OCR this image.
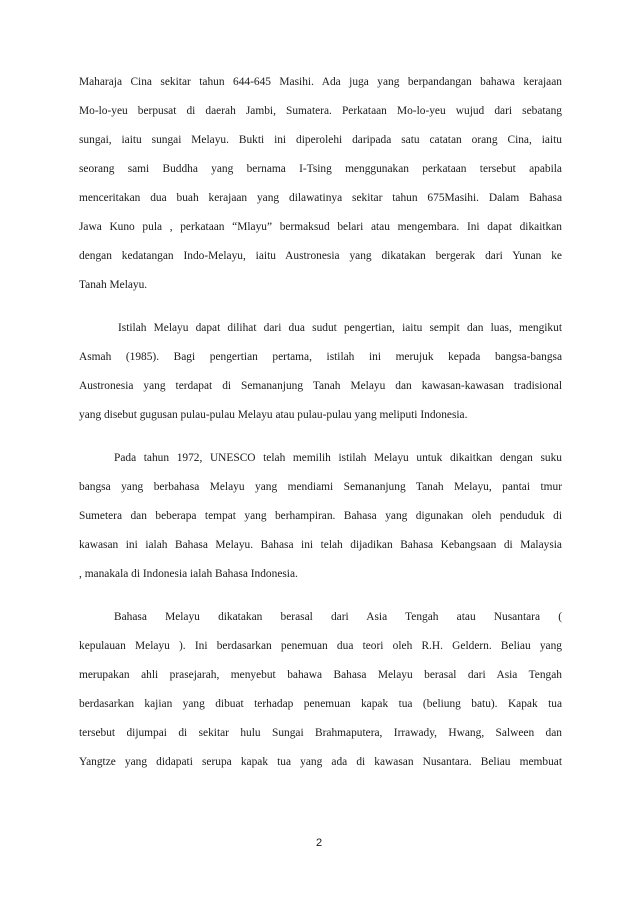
Maharaja Cina sekitar tahun 644-645 Masihi. Ada juga yang berpandangan bahawa kerajaan
Mo-lo-yeu berpusat di daerah Jambi, Sumatera. Perkataan Mo-lo-yeu wujud dari sebatang
sungai, iaitu sungai Melayu. Bukti ini diperolehi daripada satu catatan orang Cina, iaitu
seorang sami Buddha yang bernama I-Tsing menggunakan perkataan tersebut apabila
menceritakan dua buah kerajaan yang dilawatinya sekitar tahun 675Masihi. Dalam Bahasa
Jawa Kuno pula , perkataan “Mlayu” bermaksud belari atau mengembara. Ini dapat dikaitkan
dengan kedatangan Indo-Melayu, iaitu Austronesia yang dikatakan bergerak dari Yunan ke
Tanah Melayu.
Istilah Melayu dapat dilihat dari dua sudut pengertian, iaitu sempit dan luas, mengikut
Asmah (1985). Bagi pengertian pertama, istilah ini merujuk kepada bangsa-bangsa
Austronesia yang terdapat di Semananjung Tanah Melayu dan kawasan-kawasan tradisional
yang disebut gugusan pulau-pulau Melayu atau pulau-pulau yang meliputi Indonesia.
Pada tahun 1972, UNESCO telah memilih istilah Melayu untuk dikaitkan dengan suku
bangsa yang berbahasa Melayu yang mendiami Semananjung Tanah Melayu, pantai tmur
Sumetera dan beberapa tempat yang berhampiran. Bahasa yang digunakan oleh penduduk di
kawasan ini ialah Bahasa Melayu. Bahasa ini telah dijadikan Bahasa Kebangsaan di Malaysia
, manakala di Indonesia ialah Bahasa Indonesia.
Bahasa Melayu dikatakan berasal dari Asia Tengah atau Nusantara (
kepulauan Melayu ). Ini berdasarkan penemuan dua teori oleh R.H. Geldern. Beliau yang
merupakan ahli prasejarah, menyebut bahawa Bahasa Melayu berasal dari Asia Tengah
berdasarkan kajian yang dibuat terhadap penemuan kapak tua (beliung batu). Kapak tua
tersebut dijumpai di sekitar hulu Sungai Brahmaputera, Irrawady, Hwang, Salween dan
Yangtze yang didapati serupa kapak tua yang ada di kawasan Nusantara. Beliau membuat
2
